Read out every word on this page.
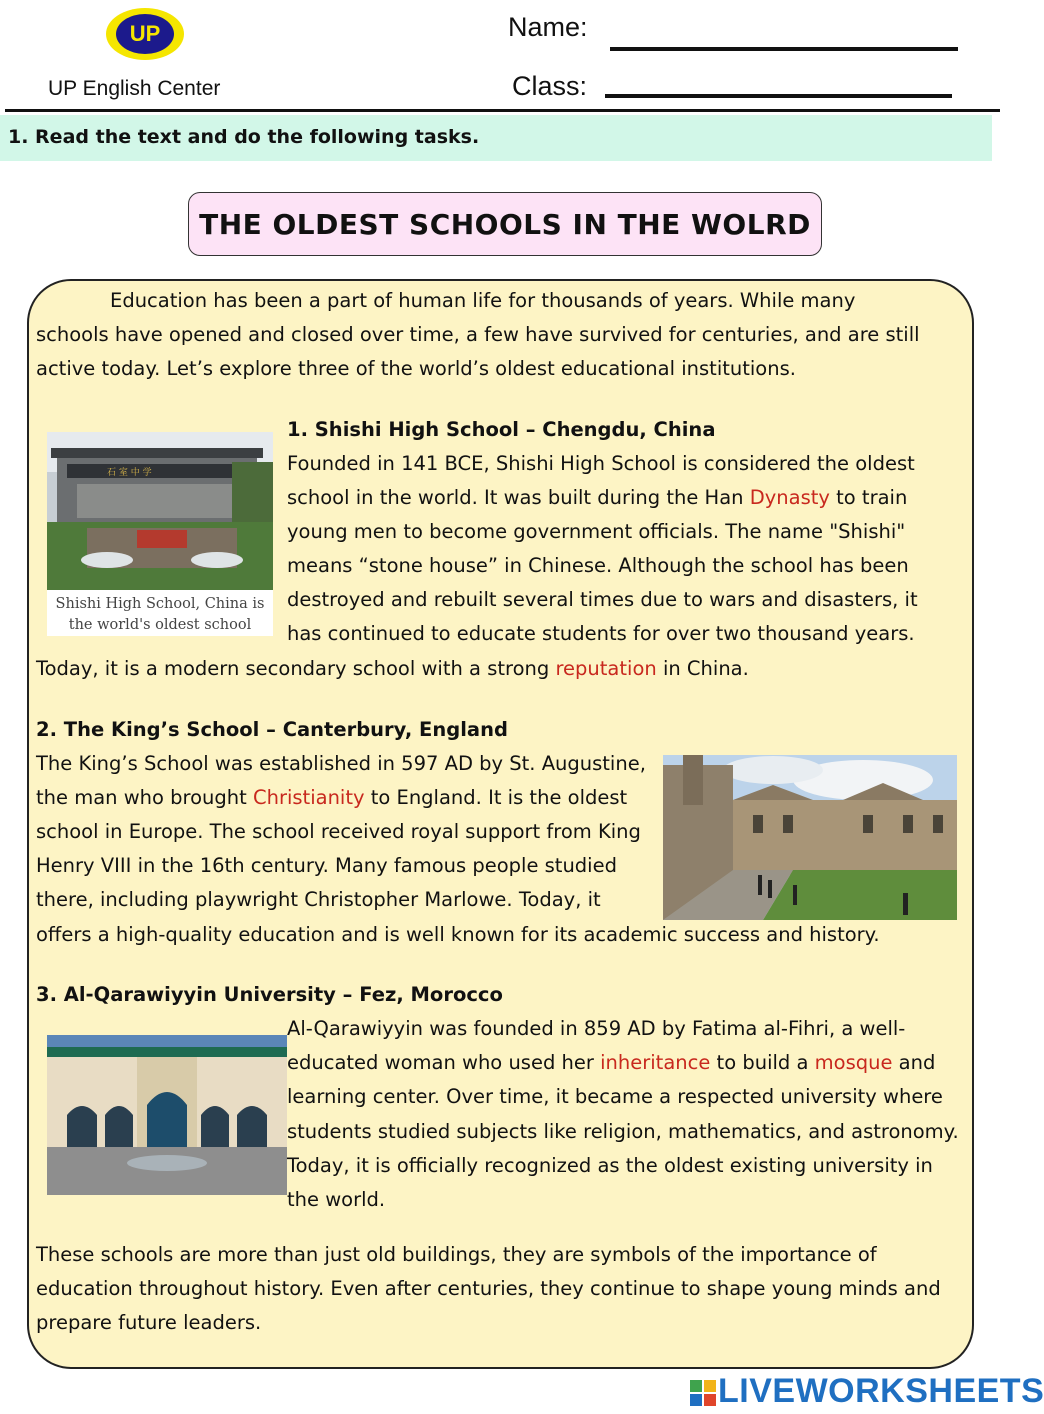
UP
UP English Center
Name:
Class:
1. Read the text and do the following tasks.
THE OLDEST SCHOOLS IN THE WOLRD
Education has been a part of human life for thousands of years. While many
schools have opened and closed over time, a few have survived for centuries, and are still
active today. Let’s explore three of the world’s oldest educational institutions.
石 室 中 学
Shishi High School, China is
the world's oldest school
1. Shishi High School – Chengdu, China
Founded in 141 BCE, Shishi High School is considered the oldest
school in the world. It was built during the Han Dynasty to train
young men to become government officials. The name "Shishi"
means “stone house” in Chinese. Although the school has been
destroyed and rebuilt several times due to wars and disasters, it
has continued to educate students for over two thousand years.
Today, it is a modern secondary school with a strong reputation in China.
2. The King’s School – Canterbury, England
The King’s School was established in 597 AD by St. Augustine,
the man who brought Christianity to England. It is the oldest
school in Europe. The school received royal support from King
Henry VIII in the 16th century. Many famous people studied
there, including playwright Christopher Marlowe. Today, it
offers a high-quality education and is well known for its academic success and history.
3. Al-Qarawiyyin University – Fez, Morocco
Al-Qarawiyyin was founded in 859 AD by Fatima al-Fihri, a well-
educated woman who used her inheritance to build a mosque and
learning center. Over time, it became a respected university where
students studied subjects like religion, mathematics, and astronomy.
Today, it is officially recognized as the oldest existing university in
the world.
These schools are more than just old buildings, they are symbols of the importance of
education throughout history. Even after centuries, they continue to shape young minds and
prepare future leaders.
LIVEWORKSHEETS
